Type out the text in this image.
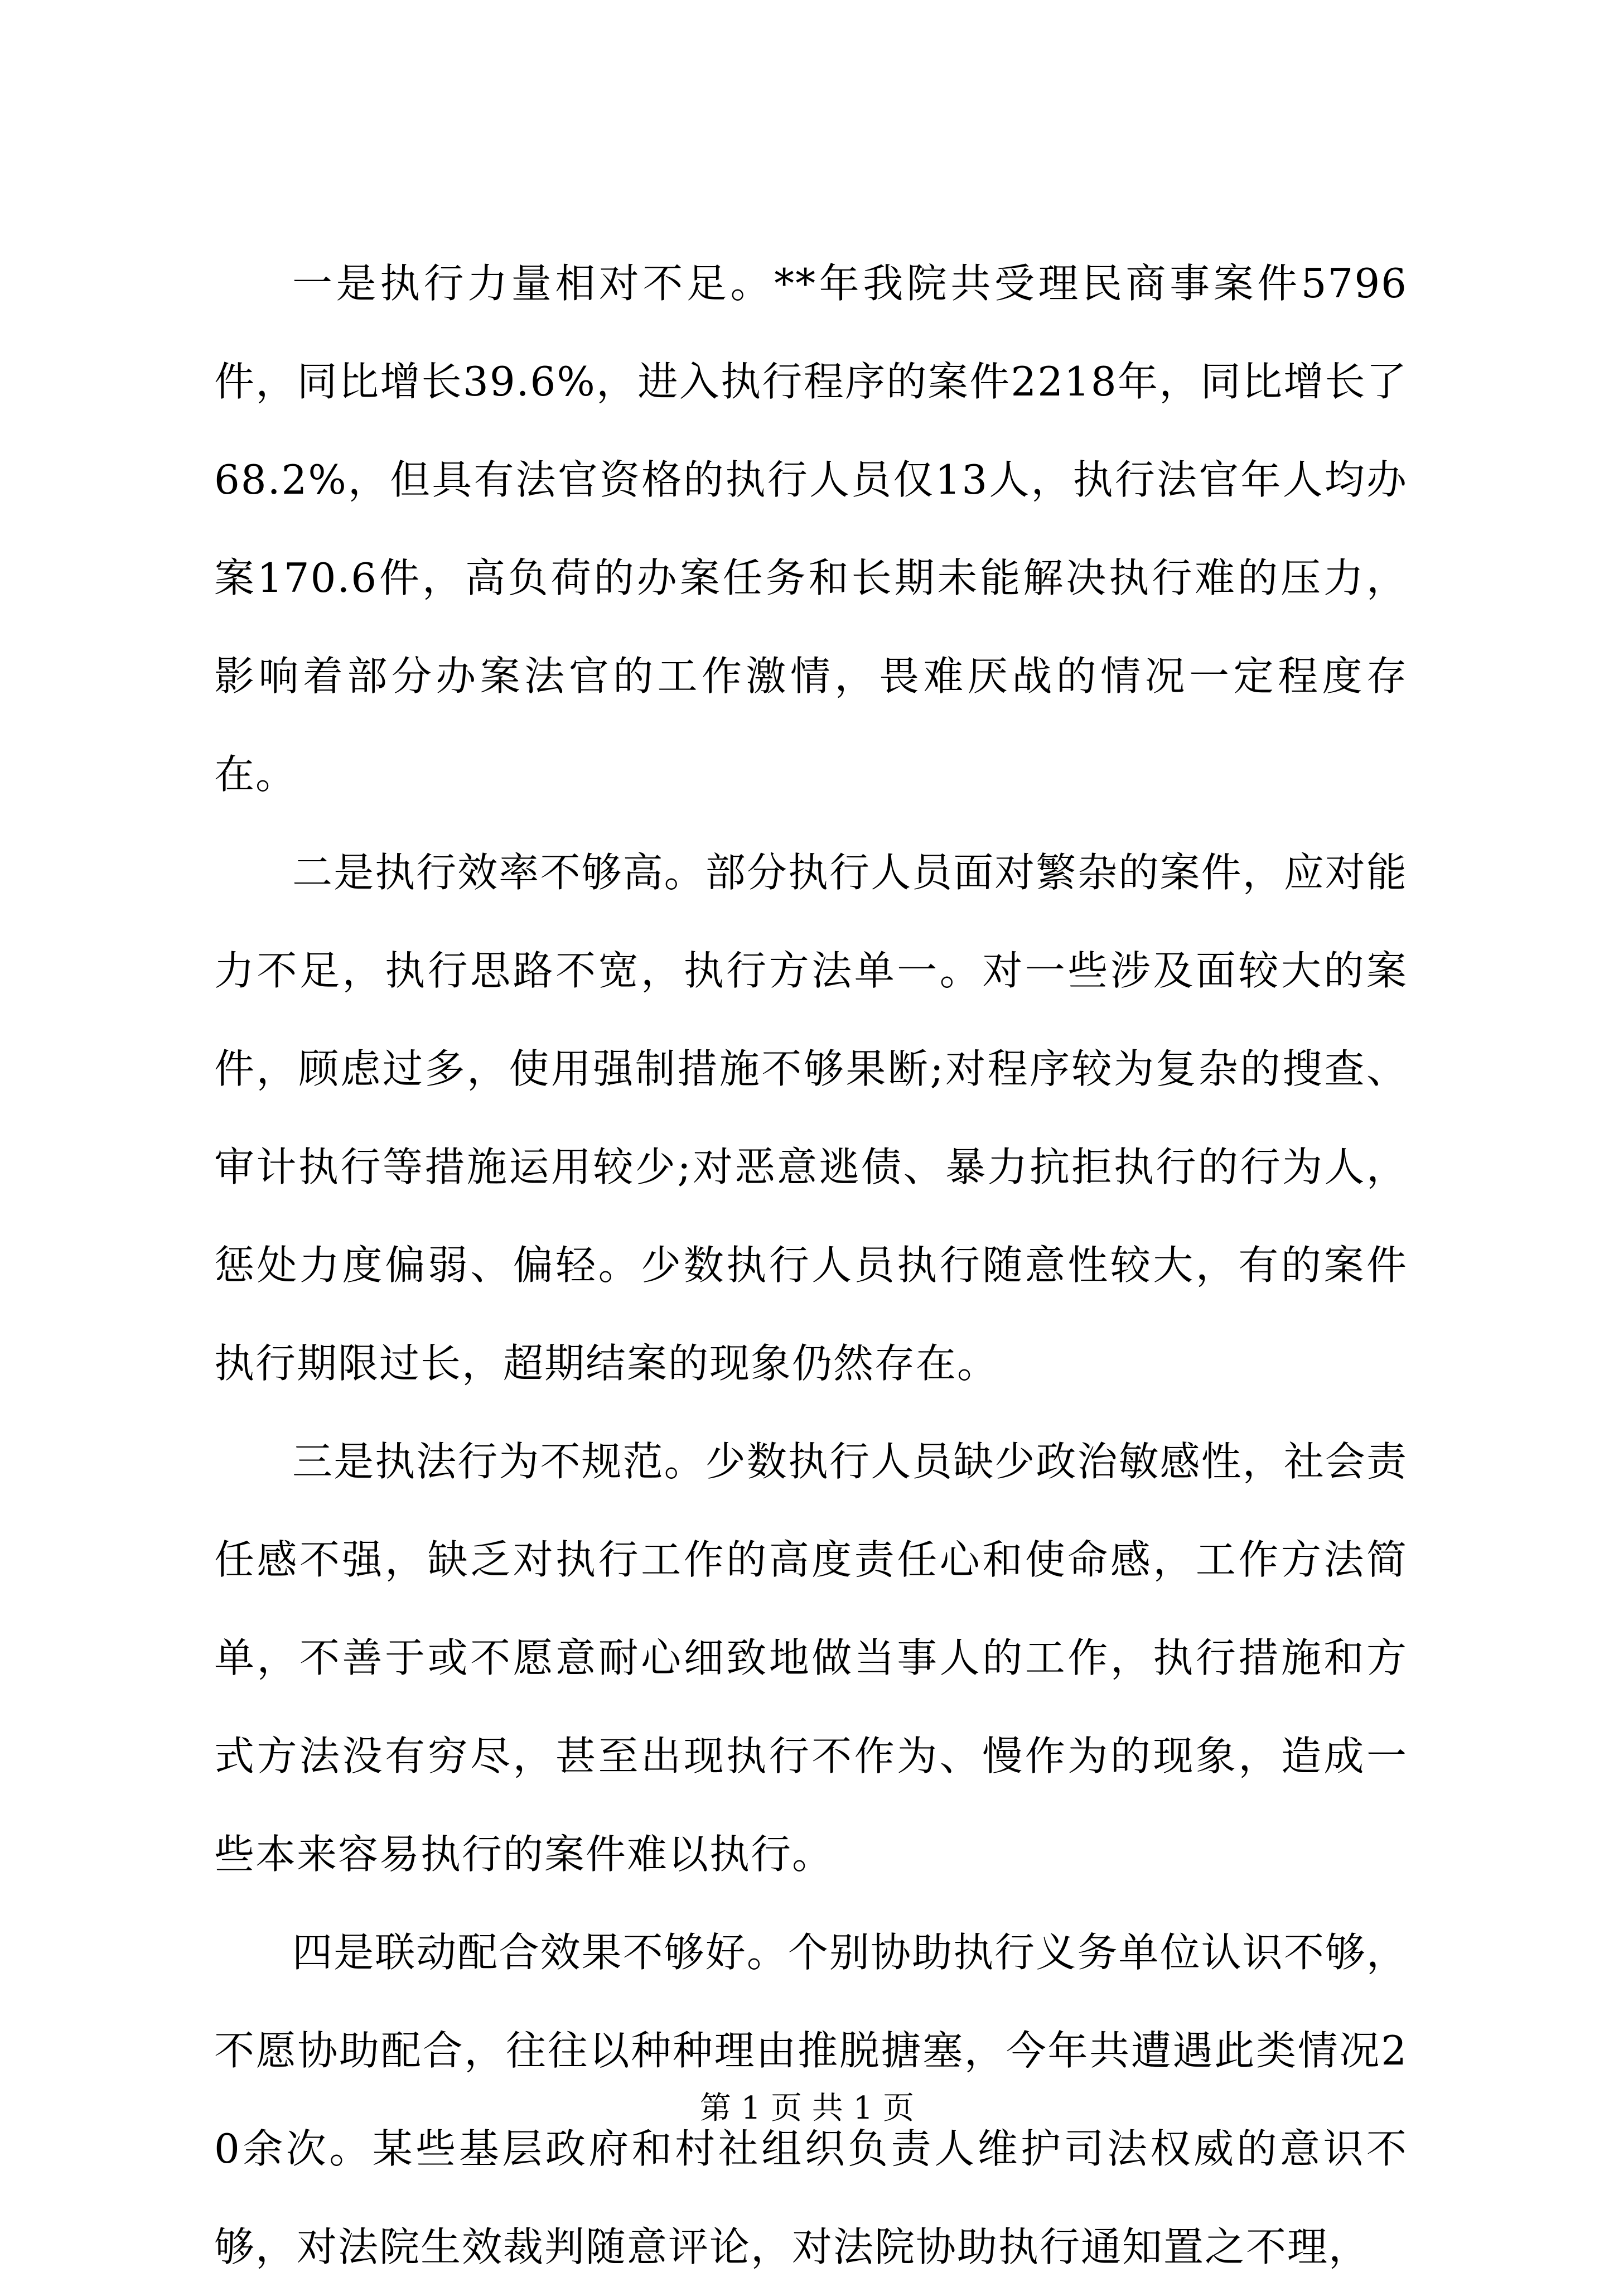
一是执行力量相对不足。**年我院共受理民商事案件5796件，同比增长39.6%，进入执行程序的案件2218年，同比增长了68.2%，但具有法官资格的执行人员仅13人，执行法官年人均办案170.6件，高负荷的办案任务和长期未能解决执行难的压力，影响着部分办案法官的工作激情，畏难厌战的情况一定程度存在。

二是执行效率不够高。部分执行人员面对繁杂的案件，应对能力不足，执行思路不宽，执行方法单一。对一些涉及面较大的案件，顾虑过多，使用强制措施不够果断;对程序较为复杂的搜查、审计执行等措施运用较少;对恶意逃债、暴力抗拒执行的行为人，惩处力度偏弱、偏轻。少数执行人员执行随意性较大，有的案件执行期限过长，超期结案的现象仍然存在。

三是执法行为不规范。少数执行人员缺少政治敏感性，社会责任感不强，缺乏对执行工作的高度责任心和使命感，工作方法简单，不善于或不愿意耐心细致地做当事人的工作，执行措施和方式方法没有穷尽，甚至出现执行不作为、慢作为的现象，造成一些本来容易执行的案件难以执行。

四是联动配合效果不够好。个别协助执行义务单位认识不够，不愿协助配合，往往以种种理由推脱搪塞，今年共遭遇此类情况20余次。某些基层政府和村社组织负责人维护司法权威的意识不够，对法院生效裁判随意评论，对法院协助执行通知置之不理，

第 1 页 共 1 页
